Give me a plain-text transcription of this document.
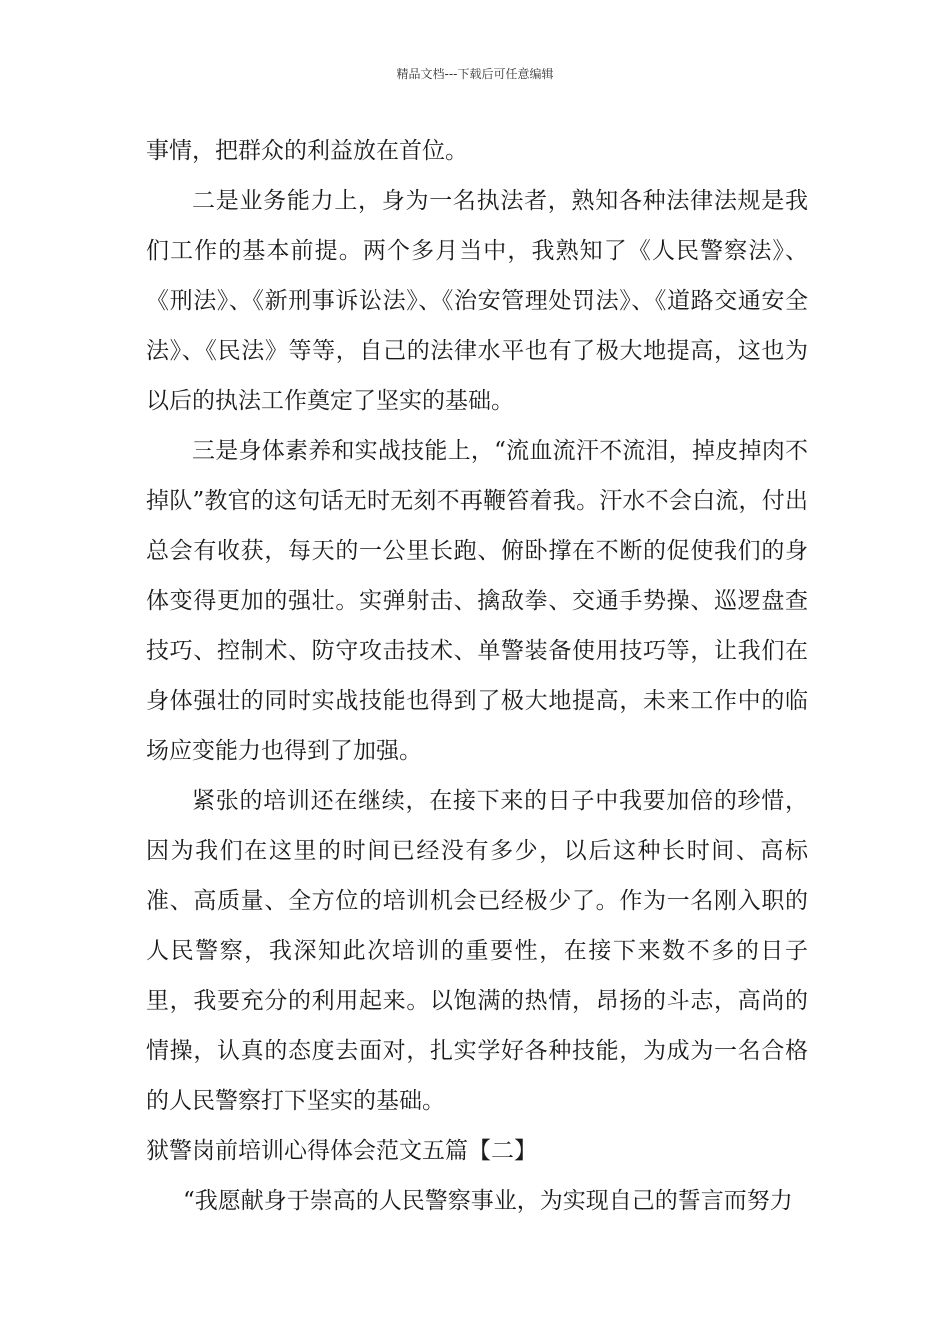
精品文档---下载后可任意编辑

事情，把群众的利益放在首位。

二是业务能力上，身为一名执法者，熟知各种法律法规是我们工作的基本前提。两个多月当中，我熟知了《人民警察法》、《刑法》、《新刑事诉讼法》、《治安管理处罚法》、《道路交通安全法》、《民法》等等，自己的法律水平也有了极大地提高，这也为以后的执法工作奠定了坚实的基础。

三是身体素养和实战技能上，“流血流汗不流泪，掉皮掉肉不掉队”教官的这句话无时无刻不再鞭笞着我。汗水不会白流，付出总会有收获，每天的一公里长跑、俯卧撑在不断的促使我们的身体变得更加的强壮。实弹射击、擒敌拳、交通手势操、巡逻盘查技巧、控制术、防守攻击技术、单警装备使用技巧等，让我们在身体强壮的同时实战技能也得到了极大地提高，未来工作中的临场应变能力也得到了加强。

紧张的培训还在继续，在接下来的日子中我要加倍的珍惜，因为我们在这里的时间已经没有多少，以后这种长时间、高标准、高质量、全方位的培训机会已经极少了。作为一名刚入职的人民警察，我深知此次培训的重要性，在接下来数不多的日子里，我要充分的利用起来。以饱满的热情，昂扬的斗志，高尚的情操，认真的态度去面对，扎实学好各种技能，为成为一名合格的人民警察打下坚实的基础。

狱警岗前培训心得体会范文五篇【二】

“我愿献身于崇高的人民警察事业，为实现自己的誓言而努力
